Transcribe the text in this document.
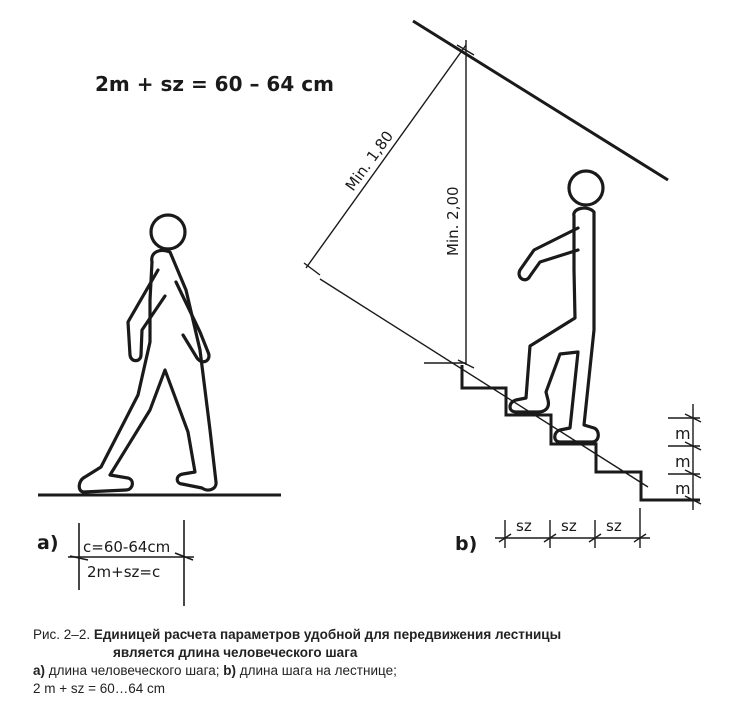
2m + sz = 60 – 64 cm
a) c=60-64cm
2m+sz=c
Min. 1,80
Min. 2,00
m
m
m
sz sz sz
b)
Рис. 2–2. Единицей расчета параметров удобной для передвижения лестницы
является длина человеческого шага
a) длина человеческого шага; b) длина шага на лестнице;
2 m + sz = 60…64 cm
